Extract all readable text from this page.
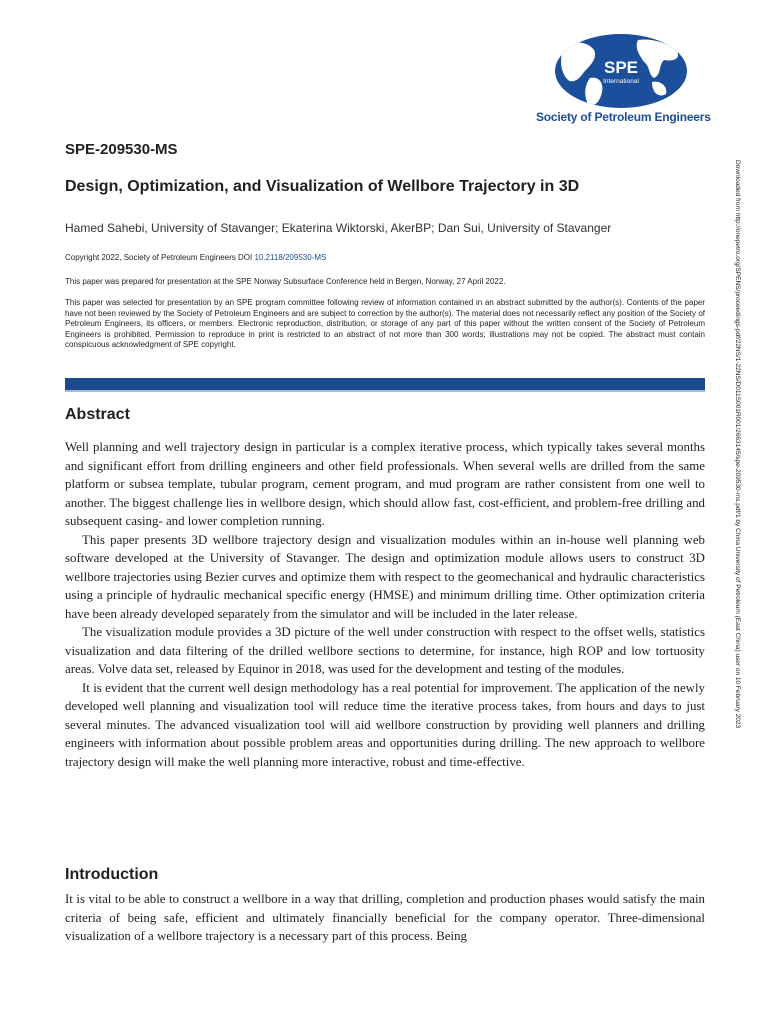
SPE
International
Society of Petroleum Engineers
SPE-209530-MS
Design, Optimization, and Visualization of Wellbore Trajectory in 3D
Hamed Sahebi, University of Stavanger; Ekaterina Wiktorski, AkerBP; Dan Sui, University of Stavanger
Copyright 2022, Society of Petroleum Engineers DOI 10.2118/209530-MS
This paper was prepared for presentation at the SPE Norway Subsurface Conference held in Bergen, Norway, 27 April 2022.
This paper was selected for presentation by an SPE program committee following review of information contained in an abstract submitted by the author(s). Contents of the paper have not been reviewed by the Society of Petroleum Engineers and are subject to correction by the author(s). The material does not necessarily reflect any position of the Society of Petroleum Engineers, its officers, or members. Electronic reproduction, distribution, or storage of any part of this paper without the written consent of the Society of Petroleum Engineers is prohibited. Permission to reproduce in print is restricted to an abstract of not more than 300 words; illustrations may not be copied. The abstract must contain conspicuous acknowledgment of SPE copyright.
Abstract

Well planning and well trajectory design in particular is a complex iterative process, which typically takes several months and significant effort from drilling engineers and other field professionals. When several wells are drilled from the same platform or subsea template, tubular program, cement program, and mud program are rather consistent from one well to another. The biggest challenge lies in wellbore design, which should allow fast, cost-efficient, and problem-free drilling and subsequent casing- and lower completion running.

This paper presents 3D wellbore trajectory design and visualization modules within an in-house well planning web software developed at the University of Stavanger. The design and optimization module allows users to construct 3D wellbore trajectories using Bezier curves and optimize them with respect to the geomechanical and hydraulic characteristics using a principle of hydraulic mechanical specific energy (HMSE) and minimum drilling time. Other optimization criteria have been already developed separately from the simulator and will be included in the later release.

The visualization module provides a 3D picture of the well under construction with respect to the offset wells, statistics visualization and data filtering of the drilled wellbore sections to determine, for instance, high ROP and low tortuosity areas. Volve data set, released by Equinor in 2018, was used for the development and testing of the modules.

It is evident that the current well design methodology has a real potential for improvement. The application of the newly developed well planning and visualization tool will reduce time the iterative process takes, from hours and days to just several minutes. The advanced visualization tool will aid wellbore construction by providing well planners and drilling engineers with information about possible problem areas and opportunities during drilling. The new approach to wellbore trajectory design will make the well planning more interactive, robust and time-effective.

Introduction

It is vital to be able to construct a wellbore in a way that drilling, completion and production phases would satisfy the main criteria of being safe, efficient and ultimately financially beneficial for the company operator. Three-dimensional visualization of a wellbore trajectory is a necessary part of this process. Being

Downloaded from http://onepetro.org/SPENS/proceedings-pdf/22NS/1-22NS/D011S001R001/2663145/spe-209530-ms.pdf/1 by China University of Petroleum (East China) user on 10 February 2023
